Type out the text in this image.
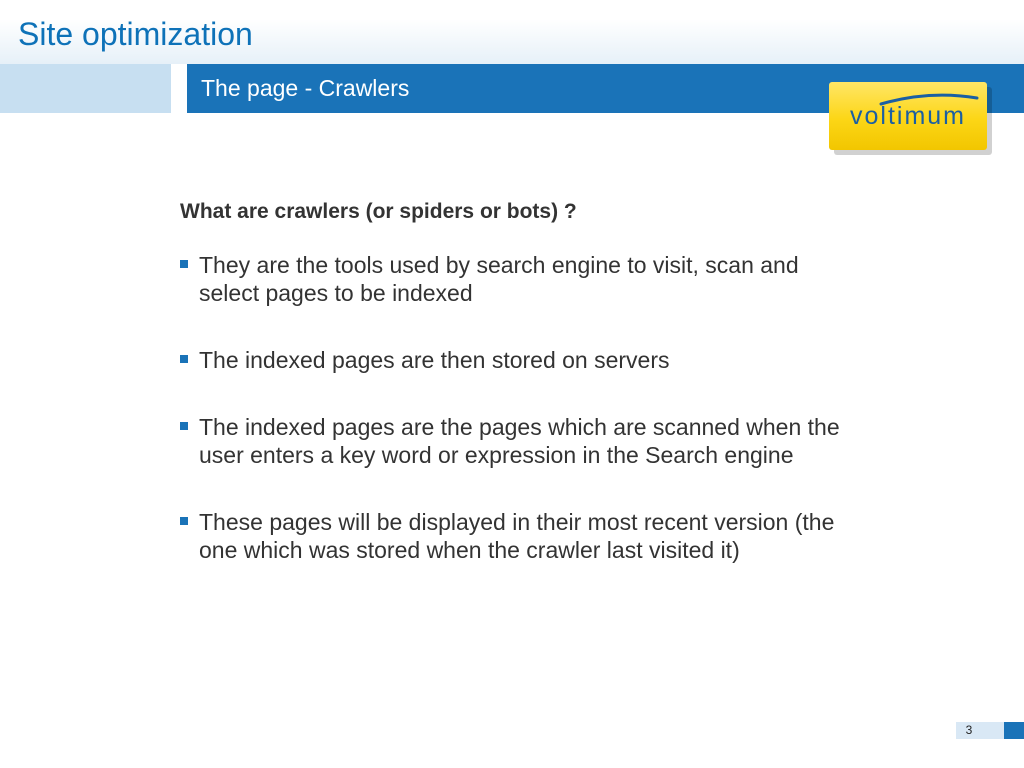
Site optimization
The page - Crawlers
voltimum

What are crawlers (or spiders or bots) ?

They are the tools used by search engine to visit, scan and select pages to be indexed
The indexed pages are then stored on servers
The indexed pages are the pages which are scanned when the user enters a key word or expression in the Search engine
These pages will be displayed in their most recent version (the one which was stored when the crawler last visited it)
3
